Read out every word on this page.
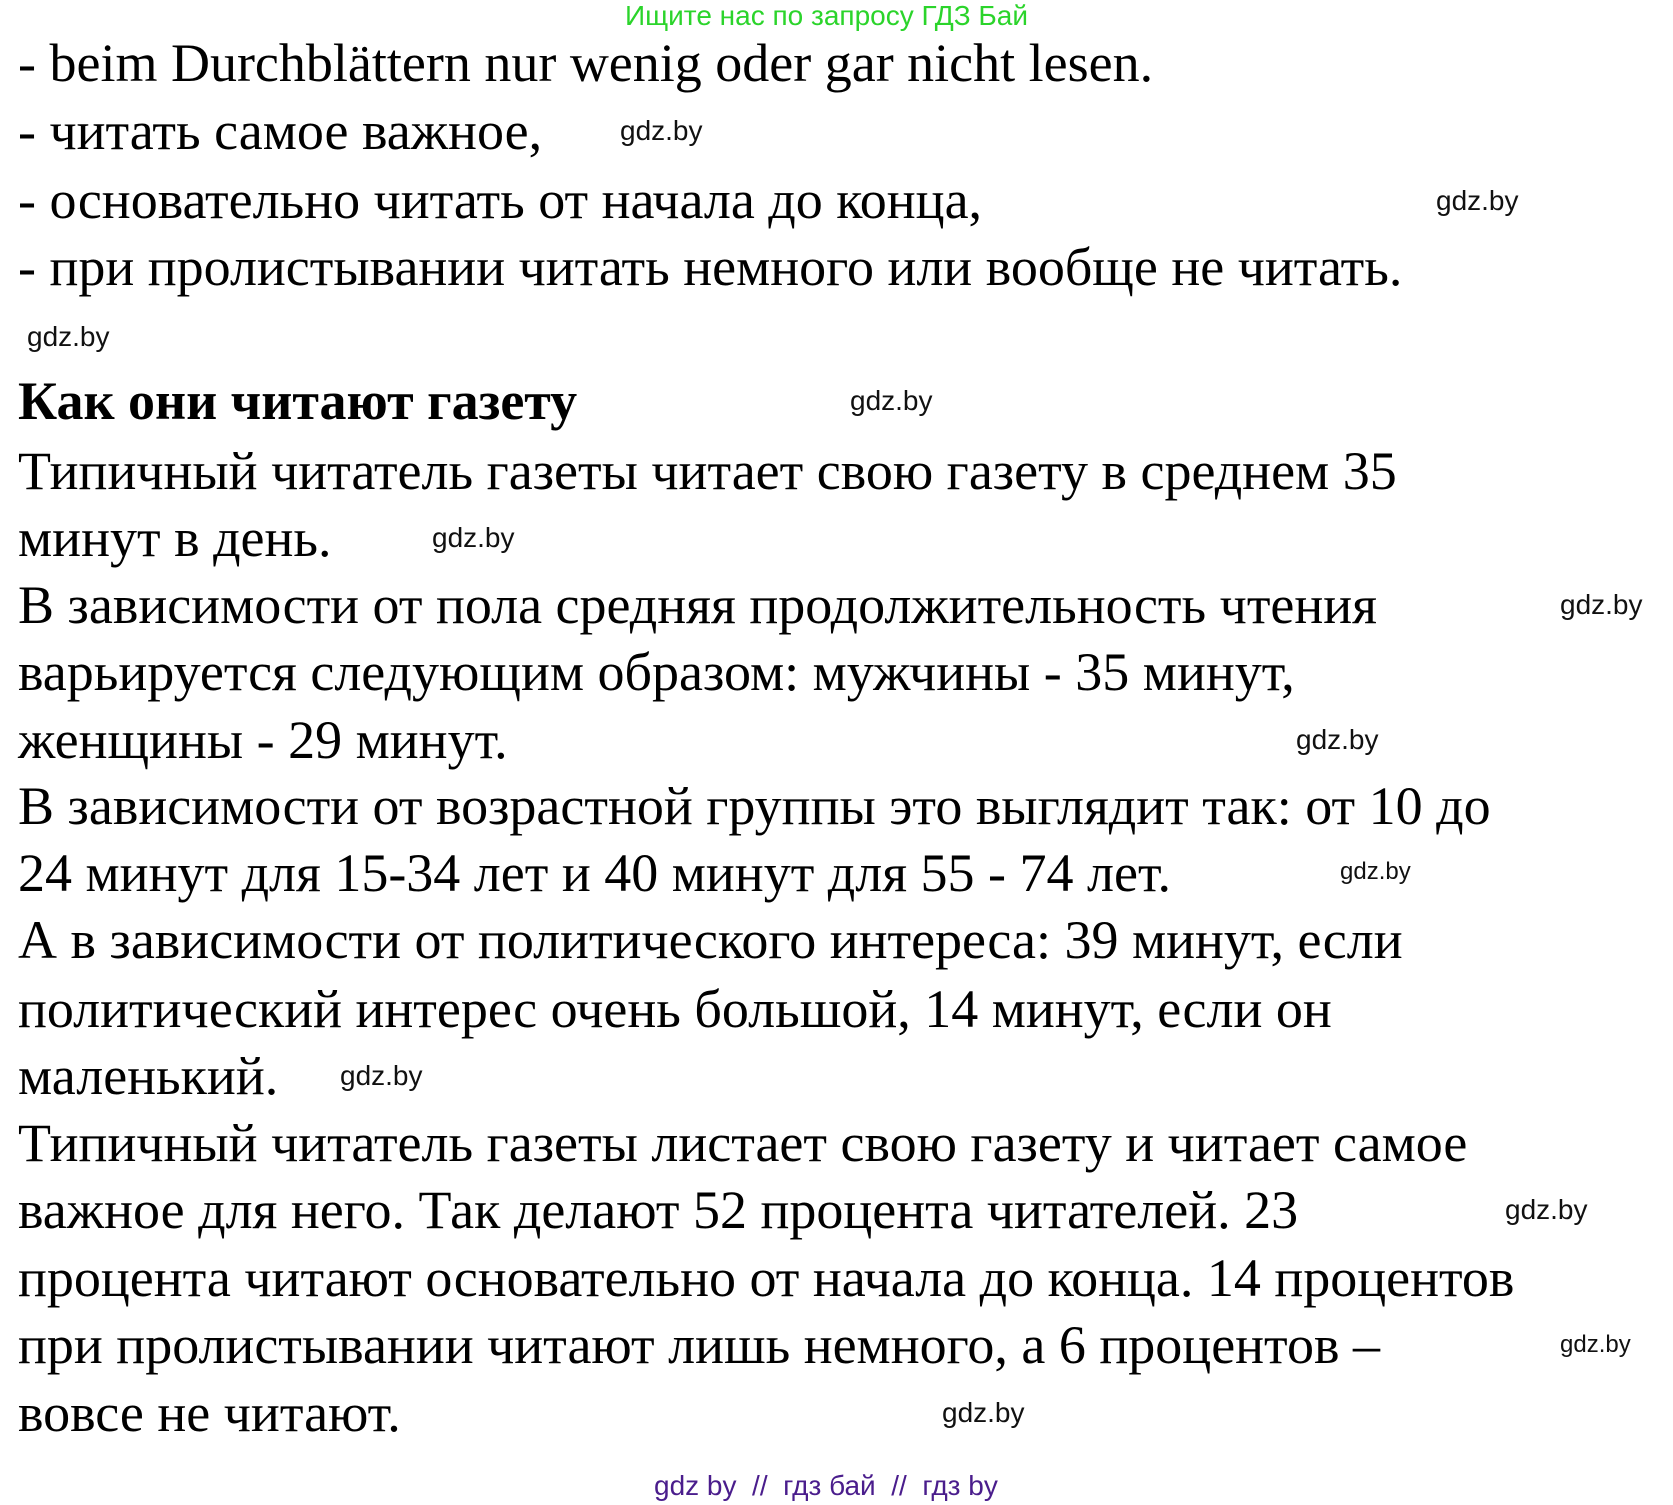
Ищите нас по запросу ГДЗ Бай
- beim Durchblättern nur wenig oder gar nicht lesen.
- читать самое важное,
- основательно читать от начала до конца,
- при пролистывании читать немного или вообще не читать.
Как они читают газету
Типичный читатель газеты читает свою газету в среднем 35
минут в день.
В зависимости от пола средняя продолжительность чтения
варьируется следующим образом: мужчины - 35 минут,
женщины - 29 минут.
В зависимости от возрастной группы это выглядит так: от 10 до
24 минут для 15-34 лет и 40 минут для 55 - 74 лет.
А в зависимости от политического интереса: 39 минут, если
политический интерес очень большой, 14 минут, если он
маленький.
Типичный читатель газеты листает свою газету и читает самое
важное для него. Так делают 52 процента читателей. 23
процента читают основательно от начала до конца. 14 процентов
при пролистывании читают лишь немного, а 6 процентов –
вовсе не читают.
gdz.by
gdz.by
gdz.by
gdz.by
gdz.by
gdz.by
gdz.by
gdz.by
gdz.by
gdz.by
gdz.by
gdz.by
gdz by  //  гдз бай  //  гдз by
